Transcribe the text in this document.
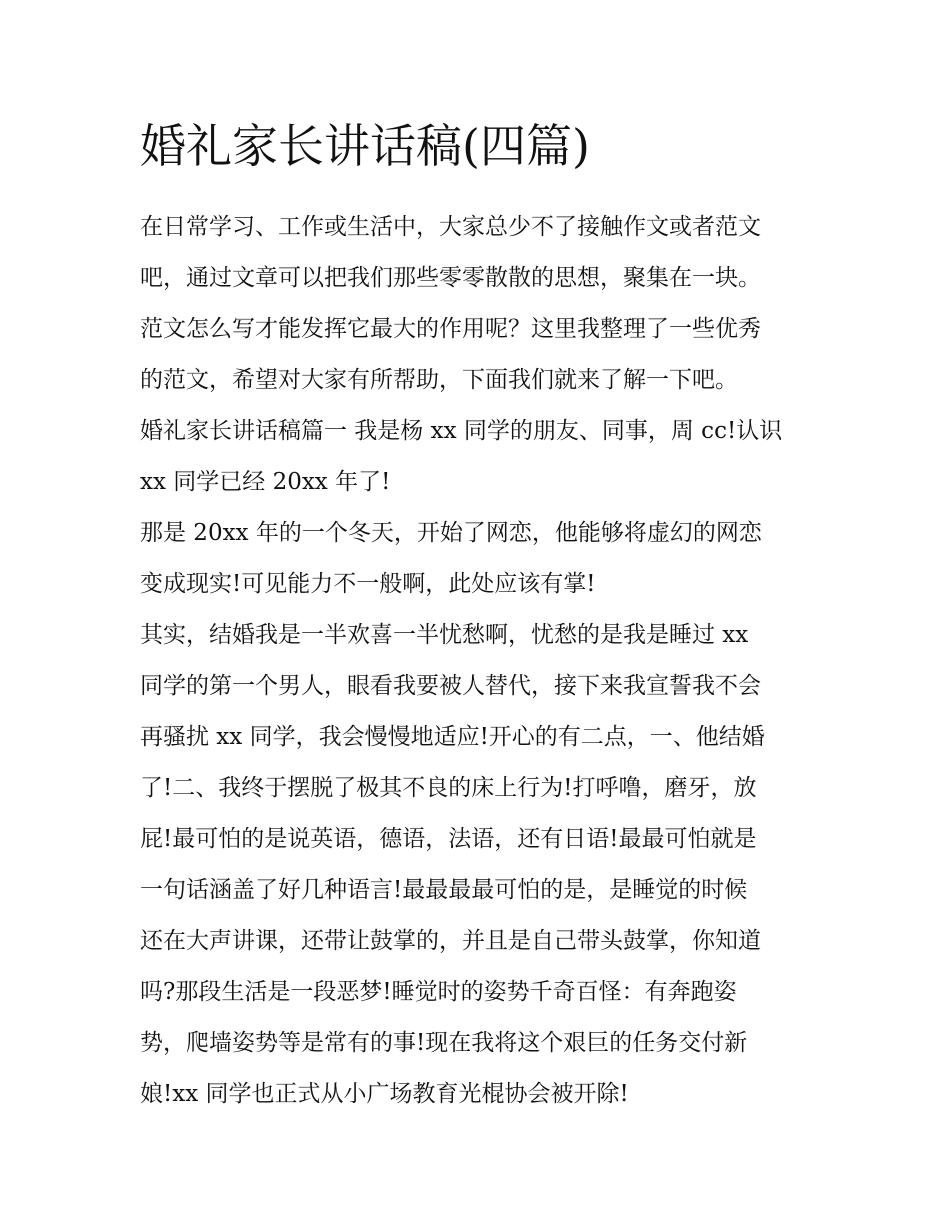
婚礼家长讲话稿(四篇)

在日常学习、工作或生活中，大家总少不了接触作文或者范文
吧，通过文章可以把我们那些零零散散的思想，聚集在一块。
范文怎么写才能发挥它最大的作用呢？这里我整理了一些优秀
的范文，希望对大家有所帮助，下面我们就来了解一下吧。

婚礼家长讲话稿篇一 我是杨 xx 同学的朋友、同事，周 cc!认识
xx 同学已经 20xx 年了!

那是 20xx 年的一个冬天，开始了网恋，他能够将虚幻的网恋
变成现实!可见能力不一般啊，此处应该有掌!

其实，结婚我是一半欢喜一半忧愁啊，忧愁的是我是睡过 xx
同学的第一个男人，眼看我要被人替代，接下来我宣誓我不会
再骚扰 xx 同学，我会慢慢地适应!开心的有二点，一、他结婚
了!二、我终于摆脱了极其不良的床上行为!打呼噜，磨牙，放
屁!最可怕的是说英语，德语，法语，还有日语!最最可怕就是
一句话涵盖了好几种语言!最最最最可怕的是，是睡觉的时候
还在大声讲课，还带让鼓掌的，并且是自己带头鼓掌，你知道
吗?那段生活是一段恶梦!睡觉时的姿势千奇百怪：有奔跑姿
势，爬墙姿势等是常有的事!现在我将这个艰巨的任务交付新
娘!xx 同学也正式从小广场教育光棍协会被开除!
